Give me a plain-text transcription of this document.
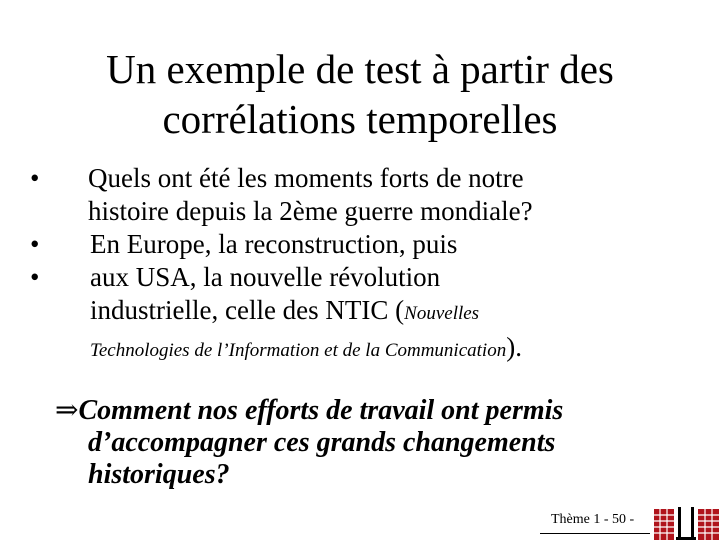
Un exemple de test à partir des
corrélations temporelles
• Quels ont été les moments forts de notre
histoire depuis la 2ème guerre mondiale?
• En Europe, la reconstruction, puis
• aux USA, la nouvelle révolution
industrielle, celle des NTIC (Nouvelles
Technologies de l’Information et de la Communication).
⇒Comment nos efforts de travail ont permis
d’accompagner ces grands changements
historiques?
Thème 1 - 50 -
